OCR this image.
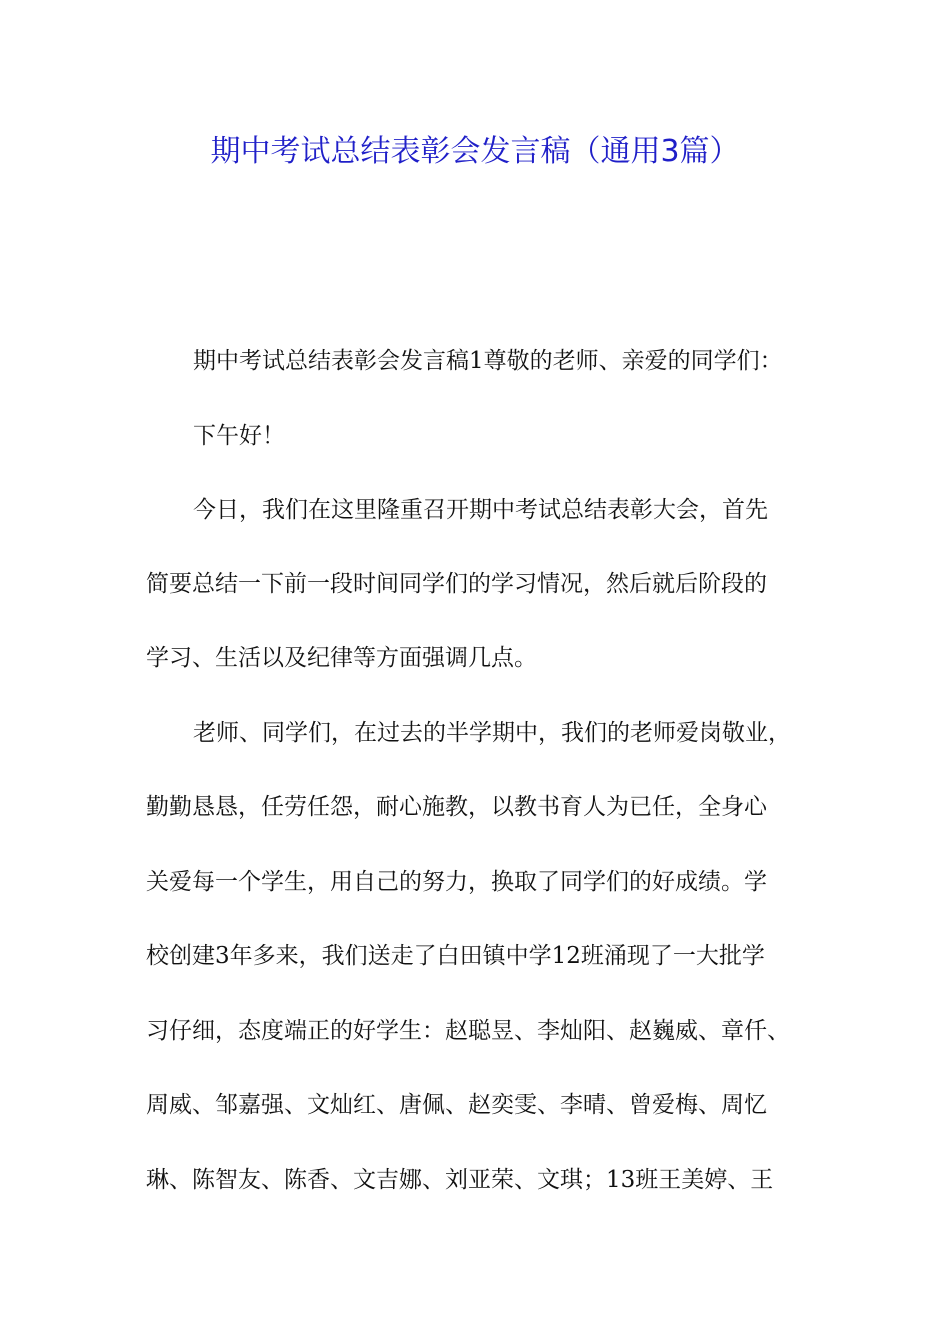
期中考试总结表彰会发言稿（通用3篇）
期中考试总结表彰会发言稿1尊敬的老师、亲爱的同学们：
下午好！
今日，我们在这里隆重召开期中考试总结表彰大会，首先
简要总结一下前一段时间同学们的学习情况，然后就后阶段的
学习、生活以及纪律等方面强调几点。
老师、同学们，在过去的半学期中，我们的老师爱岗敬业，
勤勤恳恳，任劳任怨，耐心施教，以教书育人为已任，全身心
关爱每一个学生，用自己的努力，换取了同学们的好成绩。学
校创建3年多来，我们送走了白田镇中学12班涌现了一大批学
习仔细，态度端正的好学生：赵聪昱、李灿阳、赵巍威、章仟、
周威、邹嘉强、文灿红、唐佩、赵奕雯、李晴、曾爱梅、周忆
琳、陈智友、陈香、文吉娜、刘亚荣、文琪；13班王美婷、王
